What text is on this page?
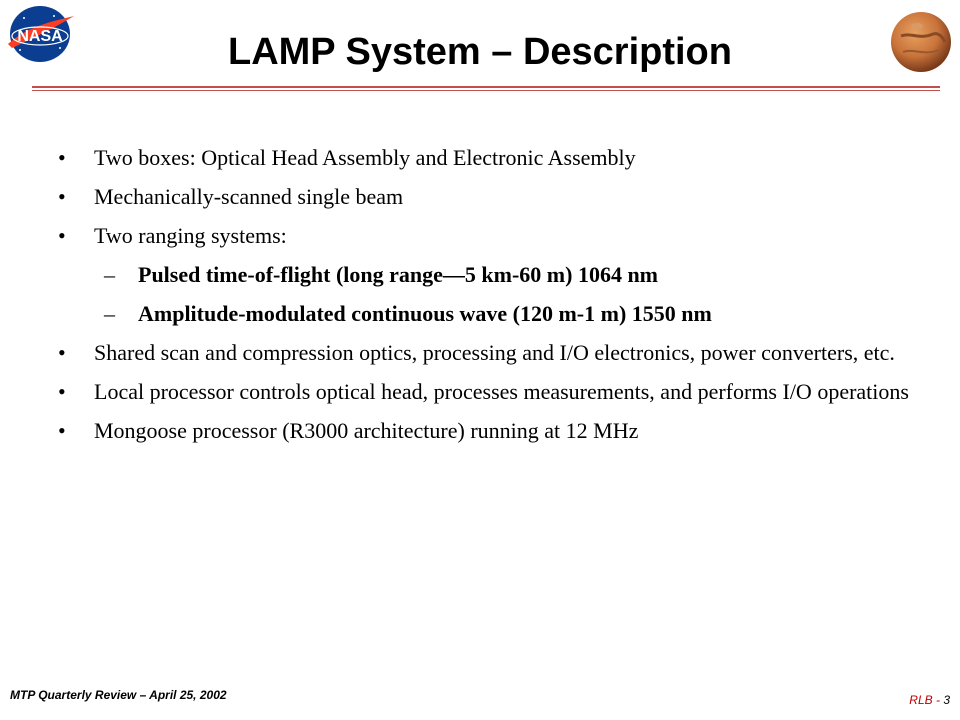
NASA	LAMP System – Description
• Two boxes: Optical Head Assembly and Electronic Assembly
• Mechanically-scanned single beam
• Two ranging systems:
– Pulsed time-of-flight (long range—5 km-60 m) 1064 nm
– Amplitude-modulated continuous wave (120 m-1 m) 1550 nm
• Shared scan and compression optics, processing and I/O electronics, power converters, etc.
• Local processor controls optical head, processes measurements, and performs I/O operations
• Mongoose processor (R3000 architecture) running at 12 MHz
MTP Quarterly Review – April 25, 2002	RLB - 3
